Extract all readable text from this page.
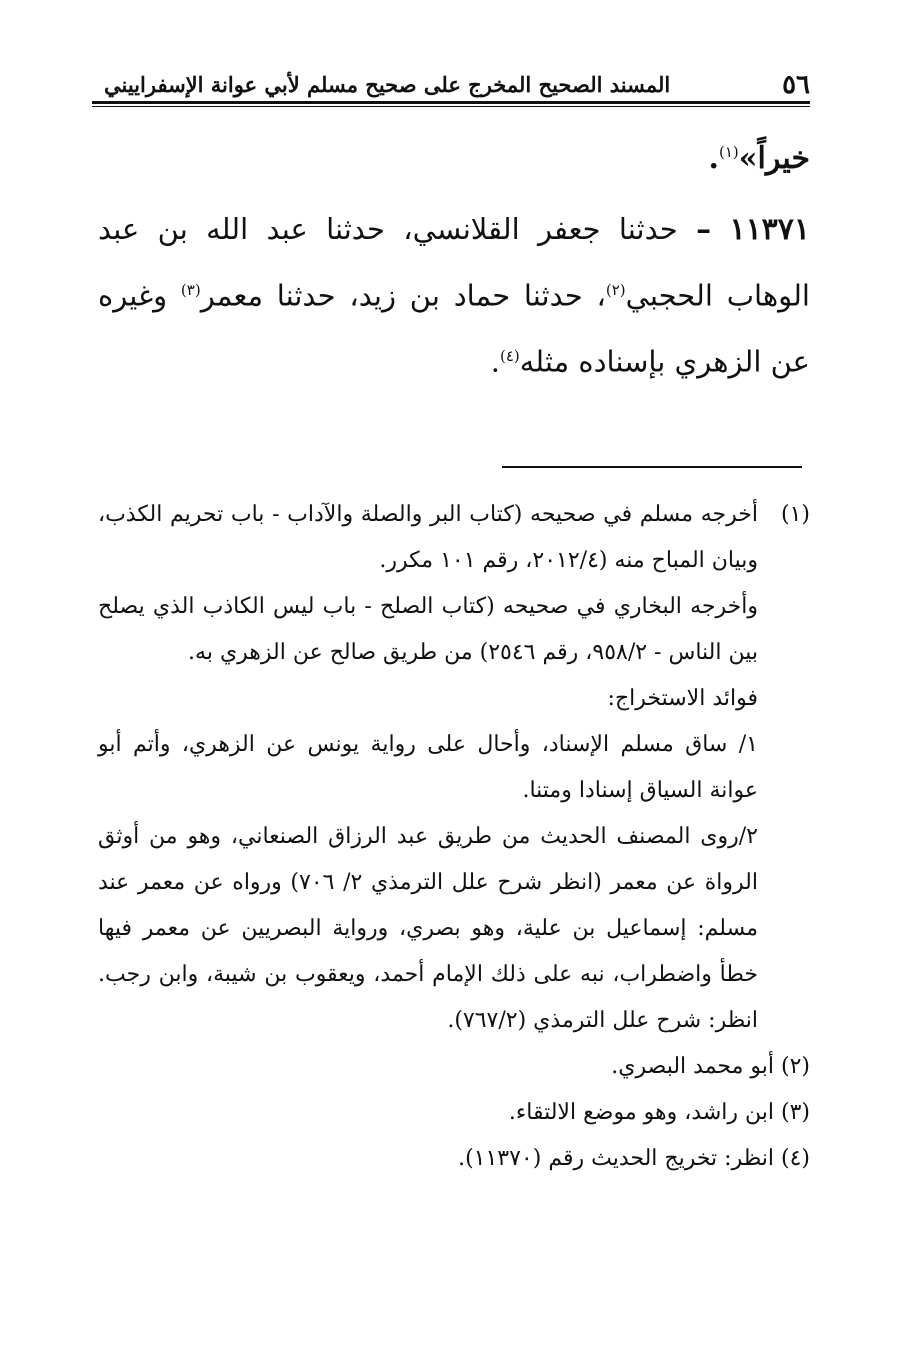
٥٦
المسند الصحيح المخرج على صحيح مسلم لأبي عوانة الإسفراييني
خيراً»$^{(١)}$.
١١٣٧١ – حدثنا جعفر القلانسي، حدثنا عبد الله بن عبد الوهاب الحجبي$^{(٢)}$، حدثنا حماد بن زيد، حدثنا معمر$^{(٣)}$ وغيره عن الزهري بإسناده مثله$^{(٤)}$.
(١)
أخرجه مسلم في صحيحه (كتاب البر والصلة والآداب - باب تحريم الكذب، وبيان المباح منه (٢٠١٢/٤، رقم ١٠١ مكرر.

وأخرجه البخاري في صحيحه (كتاب الصلح - باب ليس الكاذب الذي يصلح بين الناس - ٩٥٨/٢، رقم ٢٥٤٦) من طريق صالح عن الزهري به.

فوائد الاستخراج:

١/ ساق مسلم الإسناد، وأحال على رواية يونس عن الزهري، وأتم أبو عوانة السياق إسنادا ومتنا.

٢/روى المصنف الحديث من طريق عبد الرزاق الصنعاني، وهو من أوثق الرواة عن معمر (انظر شرح علل الترمذي ٢/ ٧٠٦) ورواه عن معمر عند مسلم: إسماعيل بن علية، وهو بصري، ورواية البصريين عن معمر فيها خطأ واضطراب، نبه على ذلك الإمام أحمد، ويعقوب بن شيبة، وابن رجب. انظر: شرح علل الترمذي (٧٦٧/٢).

(٢) أبو محمد البصري.

(٣) ابن راشد، وهو موضع الالتقاء.

(٤) انظر: تخريج الحديث رقم (١١٣٧٠).
